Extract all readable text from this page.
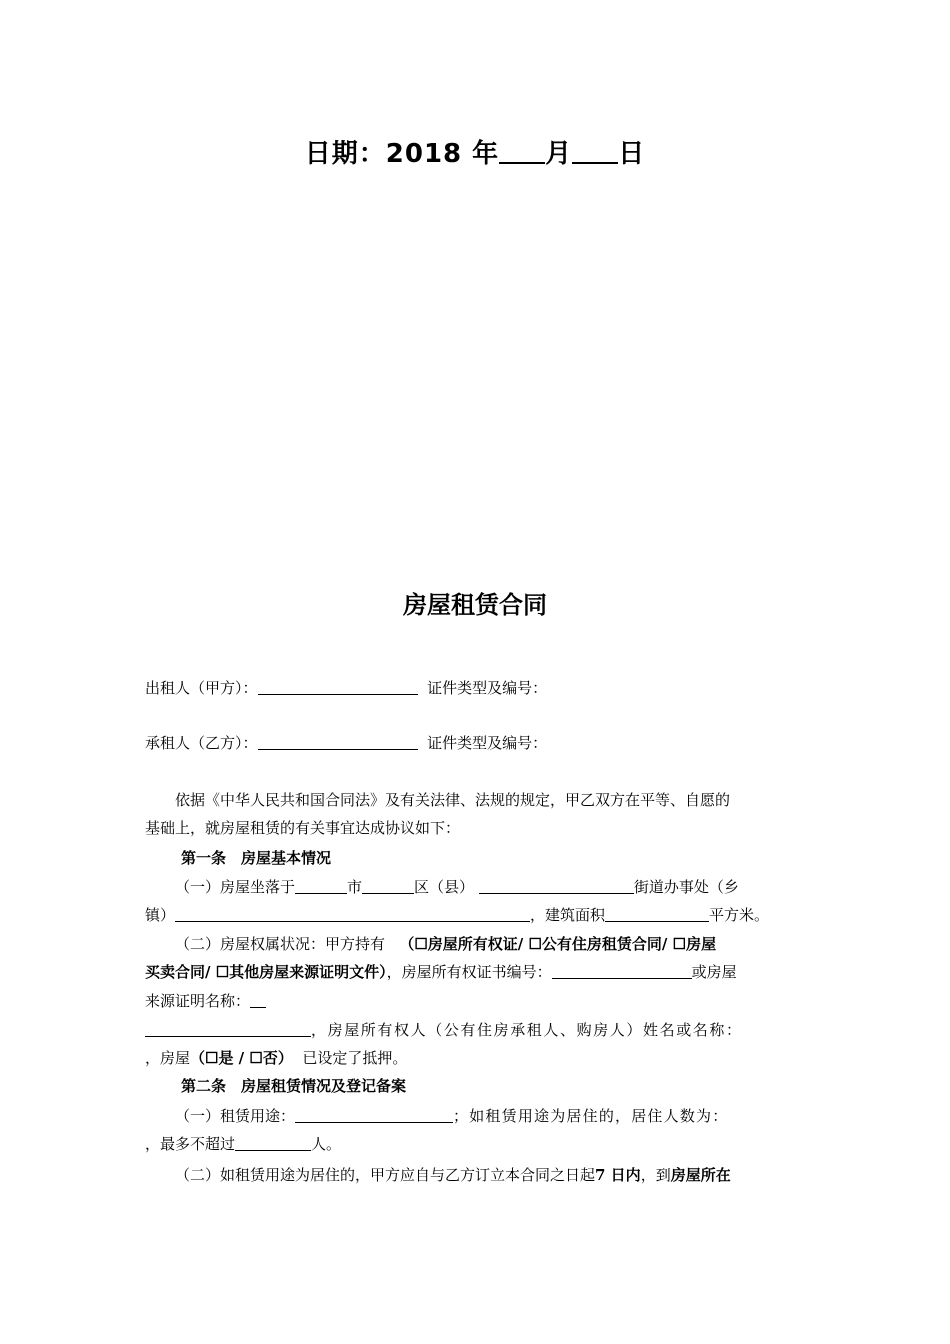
日期：2018 年 月 日
房屋租赁合同
出租人（甲方）：	证件类型及编号：
承租人（乙方）：	证件类型及编号：
依据《中华人民共和国合同法》及有关法律、法规的规定，甲乙双方在平等、自愿的
基础上，就房屋租赁的有关事宜达成协议如下：
第一条　房屋基本情况
（一）房屋坐落于	市	区（县）	街道办事处（乡
镇）	，建筑面积	平方米。
（二）房屋权属状况：甲方持有 （☐房屋所有权证/ ☐公有住房租赁合同/ ☐房屋
买卖合同/ ☐其他房屋来源证明文件），房屋所有权证书编号：	或房屋
来源证明名称：
，房屋所有权人（公有住房承租人、购房人）姓名或名称：
，房屋（☐是 / ☐否） 已设定了抵押。
第二条　房屋租赁情况及登记备案
（一）租赁用途：	；如租赁用途为居住的，居住人数为：
，最多不超过	人。
（二）如租赁用途为居住的，甲方应自与乙方订立本合同之日起7 日内，到房屋所在
